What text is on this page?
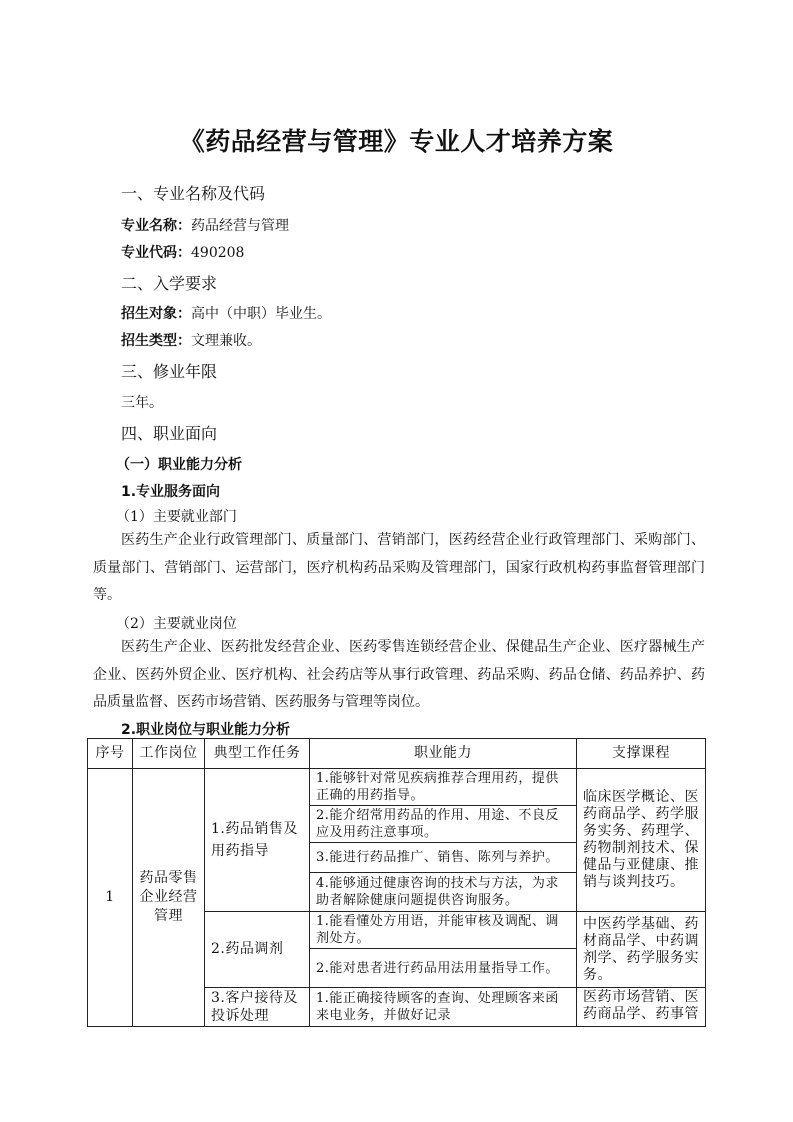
《药品经营与管理》专业人才培养方案
一、专业名称及代码
专业名称：药品经营与管理
专业代码：490208
二、入学要求
招生对象：高中（中职）毕业生。
招生类型：文理兼收。
三、修业年限
三年。
四、职业面向
（一）职业能力分析
1.专业服务面向
（1）主要就业部门
医药生产企业行政管理部门、质量部门、营销部门，医药经营企业行政管理部门、采购部门、质量部门、营销部门、运营部门，医疗机构药品采购及管理部门，国家行政机构药事监督管理部门等。
（2）主要就业岗位
医药生产企业、医药批发经营企业、医药零售连锁经营企业、保健品生产企业、医疗器械生产企业、医药外贸企业、医疗机构、社会药店等从事行政管理、药品采购、药品仓储、药品养护、药品质量监督、医药市场营销、医药服务与管理等岗位。
2.职业岗位与职业能力分析
序号	工作岗位	典型工作任务	职业能力	支撑课程
1	药品零售企业经营管理	1.药品销售及用药指导	1.能够针对常见疾病推荐合理用药，提供正确的用药指导。	临床医学概论、医药商品学、药学服务实务、药理学、药物制剂技术、保健品与亚健康、推销与谈判技巧。
			2.能介绍常用药品的作用、用途、不良反应及用药注意事项。	
			3.能进行药品推广、销售、陈列与养护。	
			4.能够通过健康咨询的技术与方法，为求助者解除健康问题提供咨询服务。	
		2.药品调剂	1.能看懂处方用语，并能审核及调配、调剂处方。	中医药学基础、药材商品学、中药调剂学、药学服务实务。
			2.能对患者进行药品用法用量指导工作。	
		3.客户接待及投诉处理	1.能正确接待顾客的查询、处理顾客来函来电业务，并做好记录	医药市场营销、医药商品学、药事管
